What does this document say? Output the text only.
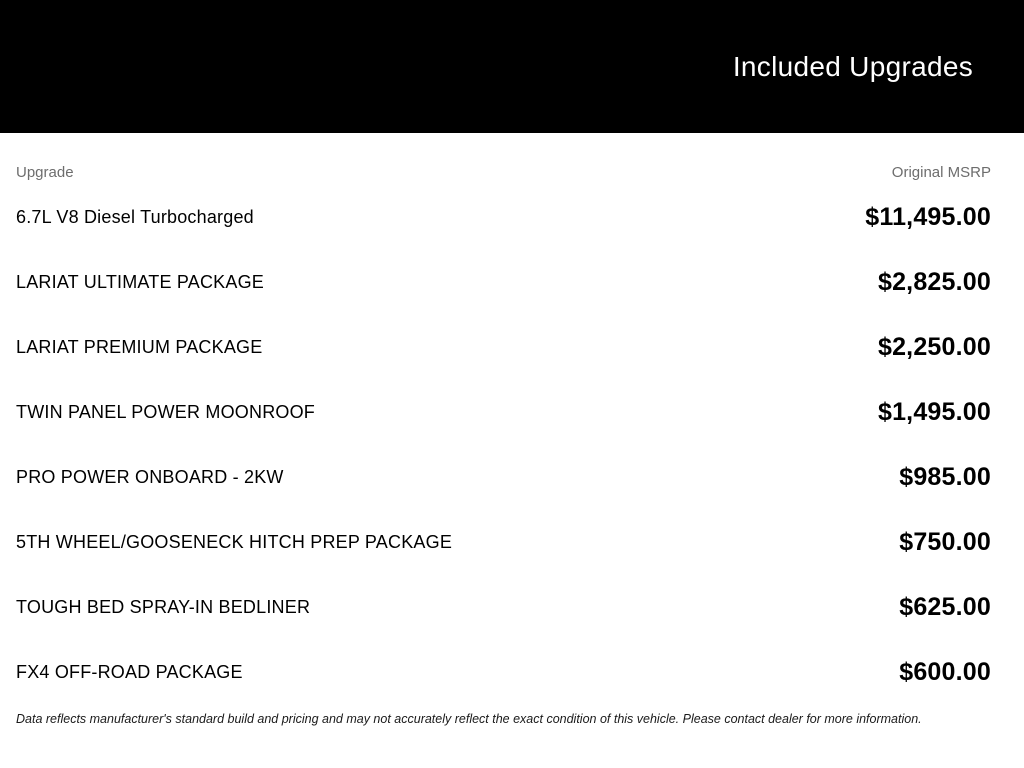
Included Upgrades
Upgrade	Original MSRP
6.7L V8 Diesel Turbocharged	$11,495.00
LARIAT ULTIMATE PACKAGE	$2,825.00
LARIAT PREMIUM PACKAGE	$2,250.00
TWIN PANEL POWER MOONROOF	$1,495.00
PRO POWER ONBOARD - 2KW	$985.00
5TH WHEEL/GOOSENECK HITCH PREP PACKAGE	$750.00
TOUGH BED SPRAY-IN BEDLINER	$625.00
FX4 OFF-ROAD PACKAGE	$600.00
Data reflects manufacturer's standard build and pricing and may not accurately reflect the exact condition of this vehicle. Please contact dealer for more information.
